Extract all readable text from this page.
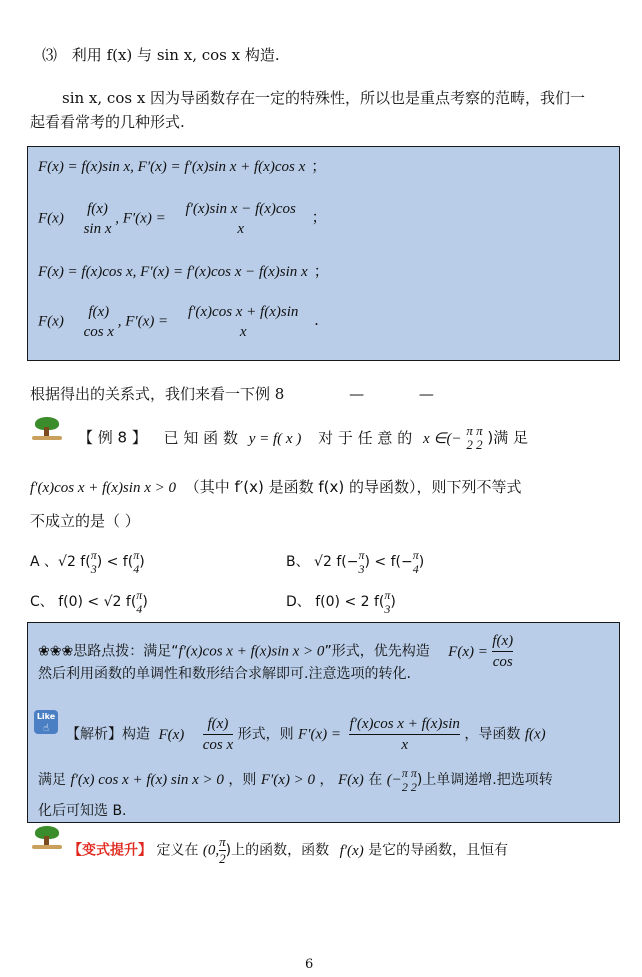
⑶ 利用 f(x) 与 sin x, cos x 构造.
sin x, cos x 因为导函数存在一定的特殊性，所以也是重点考察的范畴，我们一
起看看常考的几种形式.
F(x) = f(x)sin x, F′(x) = f′(x)sin x + f(x)cos x ；
F(x)
f(x)
sin x
, F′(x) =
f′(x)sin x − f(x)cos
x
；
F(x) = f(x)cos x, F′(x) = f′(x)cos x − f(x)sin x ；
F(x)
f(x)
cos x
, F′(x) =
f′(x)cos x + f(x)sin
x
.
根据得出的关系式，我们来看一下例 8	—	—
【 例 8 】 已 知 函 数 y = f( x ) 对 于 任 意 的 x ∈(− π π
2 2 )满 足
f′(x)cos x + f(x)sin x > 0 （其中 f′(x) 是函数 f(x) 的导函数），则下列不等式
不成立的是（ ）
A 、√2 f( π
3 ) < f( π
4 )	B、 √2 f(− π
3 ) < f(− π
4 )
C、 f(0) < √2 f( π
4 )	D、 f(0) < 2 f( π
3 )
❀❀❀思路点拨：满足“f′(x)cos x + f(x)sin x > 0”形式，优先构造 $F(x) = \frac{f(x)}{\cos}$
然后利用函数的单调性和数形结合求解即可.注意选项的转化.
Like
☝	【解析】构造 $F(x) \frac{f(x)}{\text{cos x}}$ 形式，则 $F'(x) = \frac{\text{f′(x)cos x + f(x)sin}}{x}$ ，导函数 f(x)
满足 f′(x) cos x + f(x) sin x > 0 ，则 F′(x) > 0 ， F(x) 在 (− π π
2 2 )上单调递增.把选项转
化后可知选 B.
【变式提升】 定义在 (0, $\frac{\pi}{2}$ )上的函数，函数 f′(x) 是它的导函数，且恒有
6
